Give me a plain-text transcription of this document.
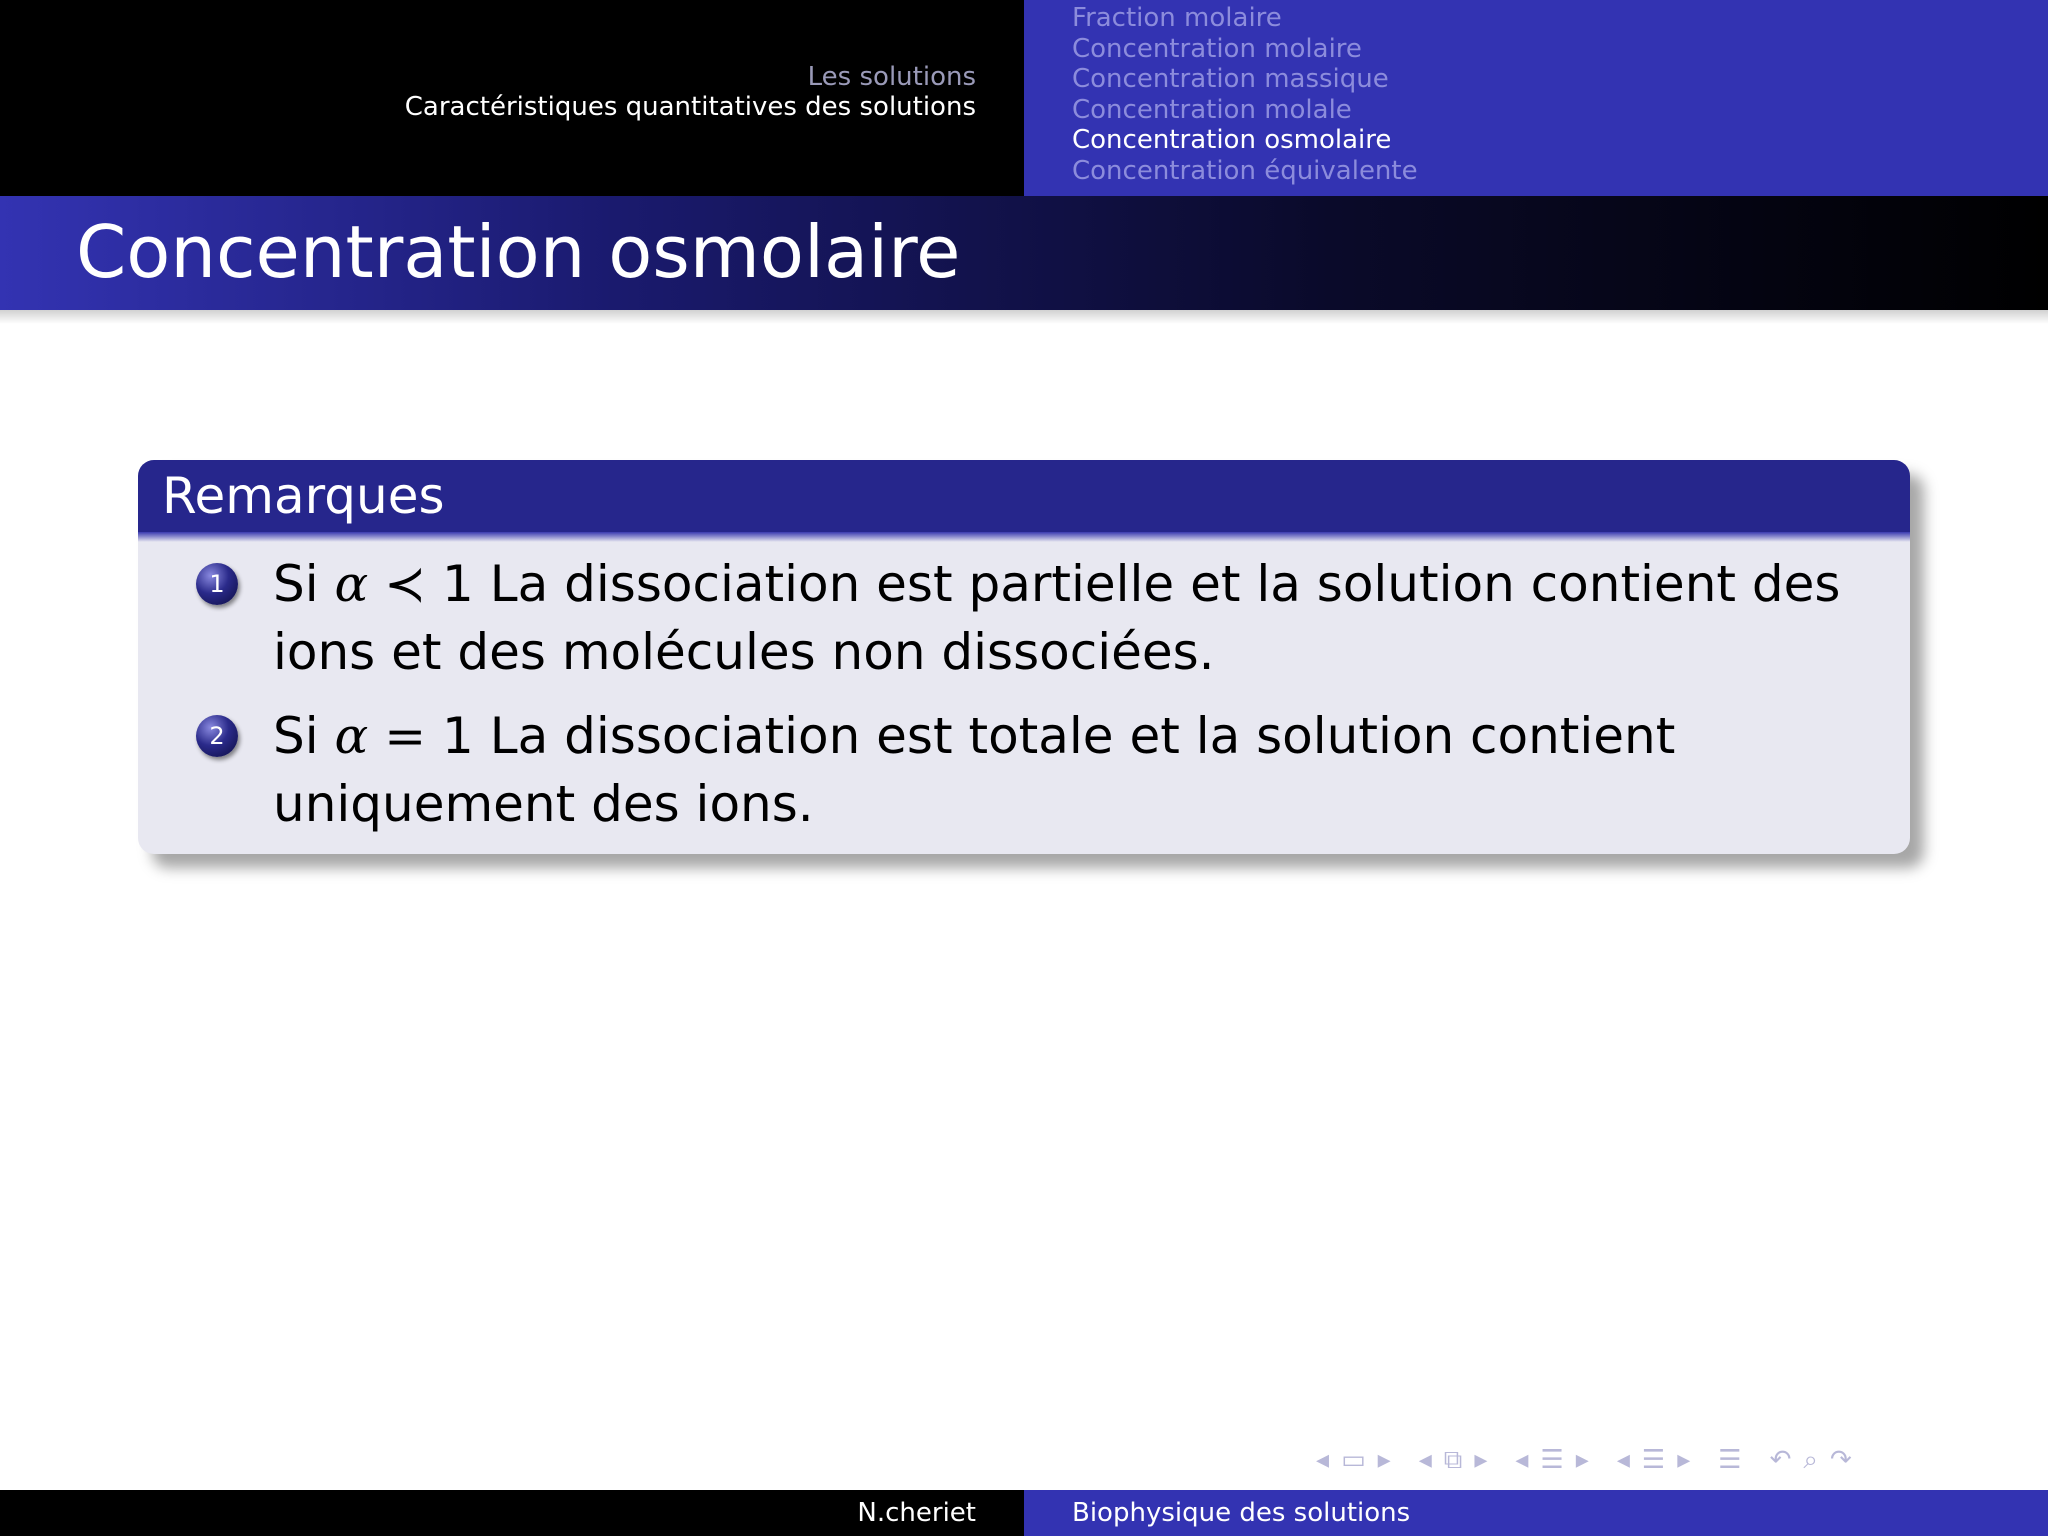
Les solutions
Caractéristiques quantitatives des solutions
Fraction molaire
Concentration molaire
Concentration massique
Concentration molale
Concentration osmolaire
Concentration équivalente
Concentration osmolaire
Remarques
1 Si α ≺ 1 La dissociation est partielle et la solution contient des ions et des molécules non dissociées.
2 Si α = 1 La dissociation est totale et la solution contient uniquement des ions.
◂ ▭ ▸ ◂ ⧉ ▸ ◂ ☰ ▸ ◂ ☰ ▸ ☰ ↶ ⌕ ↷
N.cheriet	Biophysique des solutions
